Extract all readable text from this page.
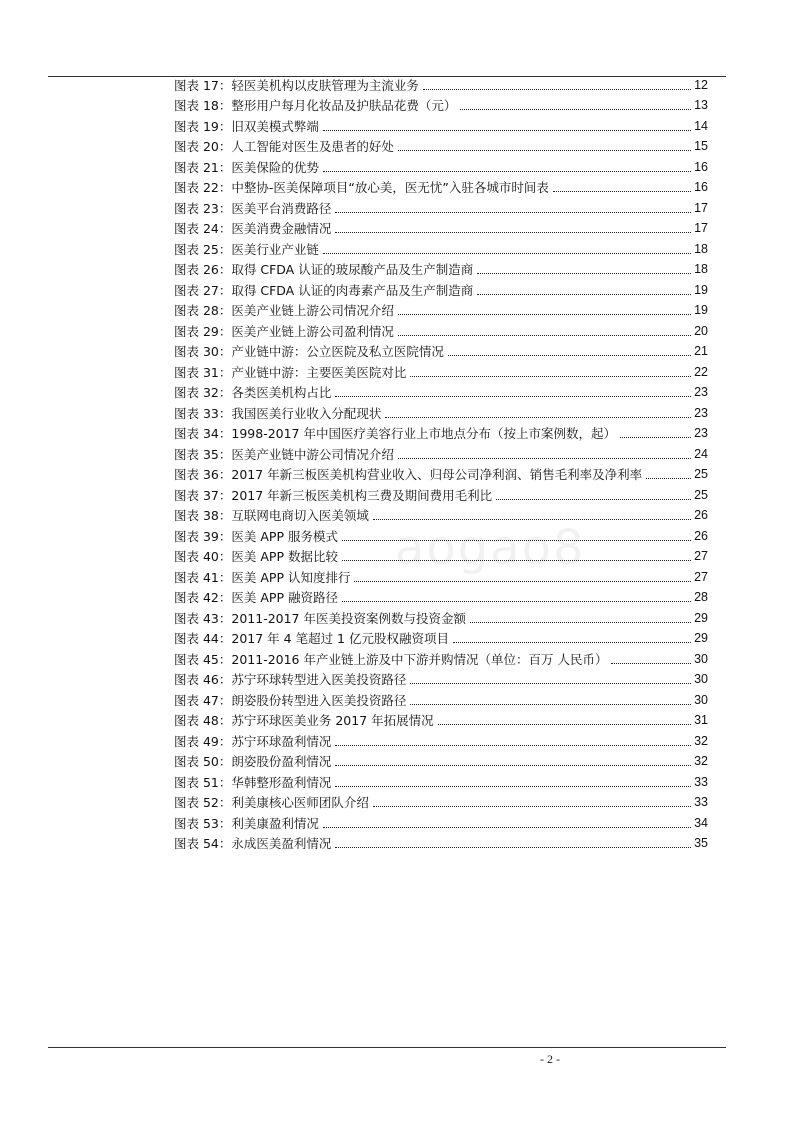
图表 17：轻医美机构以皮肤管理为主流业务	12
图表 18：整形用户每月化妆品及护肤品花费（元）	13
图表 19：旧双美模式弊端	14
图表 20：人工智能对医生及患者的好处	15
图表 21：医美保险的优势	16
图表 22：中整协-医美保障项目“放心美，医无忧”入驻各城市时间表	16
图表 23：医美平台消费路径	17
图表 24：医美消费金融情况	17
图表 25：医美行业产业链	18
图表 26：取得 CFDA 认证的玻尿酸产品及生产制造商	18
图表 27：取得 CFDA 认证的肉毒素产品及生产制造商	19
图表 28：医美产业链上游公司情况介绍	19
图表 29：医美产业链上游公司盈利情况	20
图表 30：产业链中游：公立医院及私立医院情况	21
图表 31：产业链中游：主要医美医院对比	22
图表 32：各类医美机构占比	23
图表 33：我国医美行业收入分配现状	23
图表 34：1998-2017 年中国医疗美容行业上市地点分布（按上市案例数，起）	23
图表 35：医美产业链中游公司情况介绍	24
图表 36：2017 年新三板医美机构营业收入、归母公司净利润、销售毛利率及净利率	25
图表 37：2017 年新三板医美机构三费及期间费用毛利比	25
图表 38：互联网电商切入医美领域	26
图表 39：医美 APP 服务模式	26
图表 40：医美 APP 数据比较	27
图表 41：医美 APP 认知度排行	27
图表 42：医美 APP 融资路径	28
图表 43：2011-2017 年医美投资案例数与投资金额	29
图表 44：2017 年 4 笔超过 1 亿元股权融资项目	29
图表 45：2011-2016 年产业链上游及中下游并购情况（单位：百万 人民币）	30
图表 46：苏宁环球转型进入医美投资路径	30
图表 47：朗姿股份转型进入医美投资路径	30
图表 48：苏宁环球医美业务 2017 年拓展情况	31
图表 49：苏宁环球盈利情况	32
图表 50：朗姿股份盈利情况	32
图表 51：华韩整形盈利情况	33
图表 52：利美康核心医师团队介绍	33
图表 53：利美康盈利情况	34
图表 54：永成医美盈利情况	35
aogao8
- 2 -
